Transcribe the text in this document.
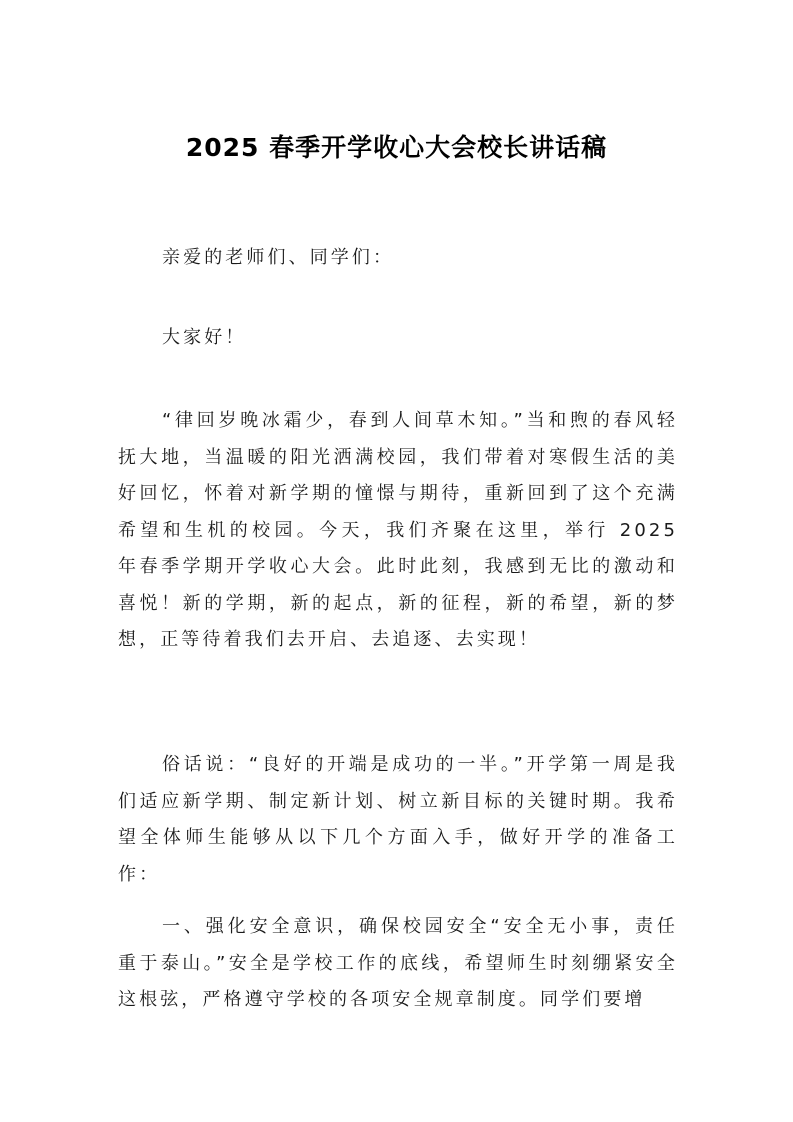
2025 春季开学收心大会校长讲话稿
亲爱的老师们、同学们：
大家好！
“律回岁晚冰霜少，春到人间草木知。”当和煦的春风轻抚大地，当温暖的阳光洒满校园，我们带着对寒假生活的美好回忆，怀着对新学期的憧憬与期待，重新回到了这个充满希望和生机的校园。今天，我们齐聚在这里，举行 2025 年春季学期开学收心大会。此时此刻，我感到无比的激动和喜悦！新的学期，新的起点，新的征程，新的希望，新的梦想，正等待着我们去开启、去追逐、去实现！
俗话说：“良好的开端是成功的一半。”开学第一周是我们适应新学期、制定新计划、树立新目标的关键时期。我希望全体师生能够从以下几个方面入手，做好开学的准备工作：
一、强化安全意识，确保校园安全“安全无小事，责任重于泰山。”安全是学校工作的底线，希望师生时刻绷紧安全这根弦，严格遵守学校的各项安全规章制度。同学们要增
